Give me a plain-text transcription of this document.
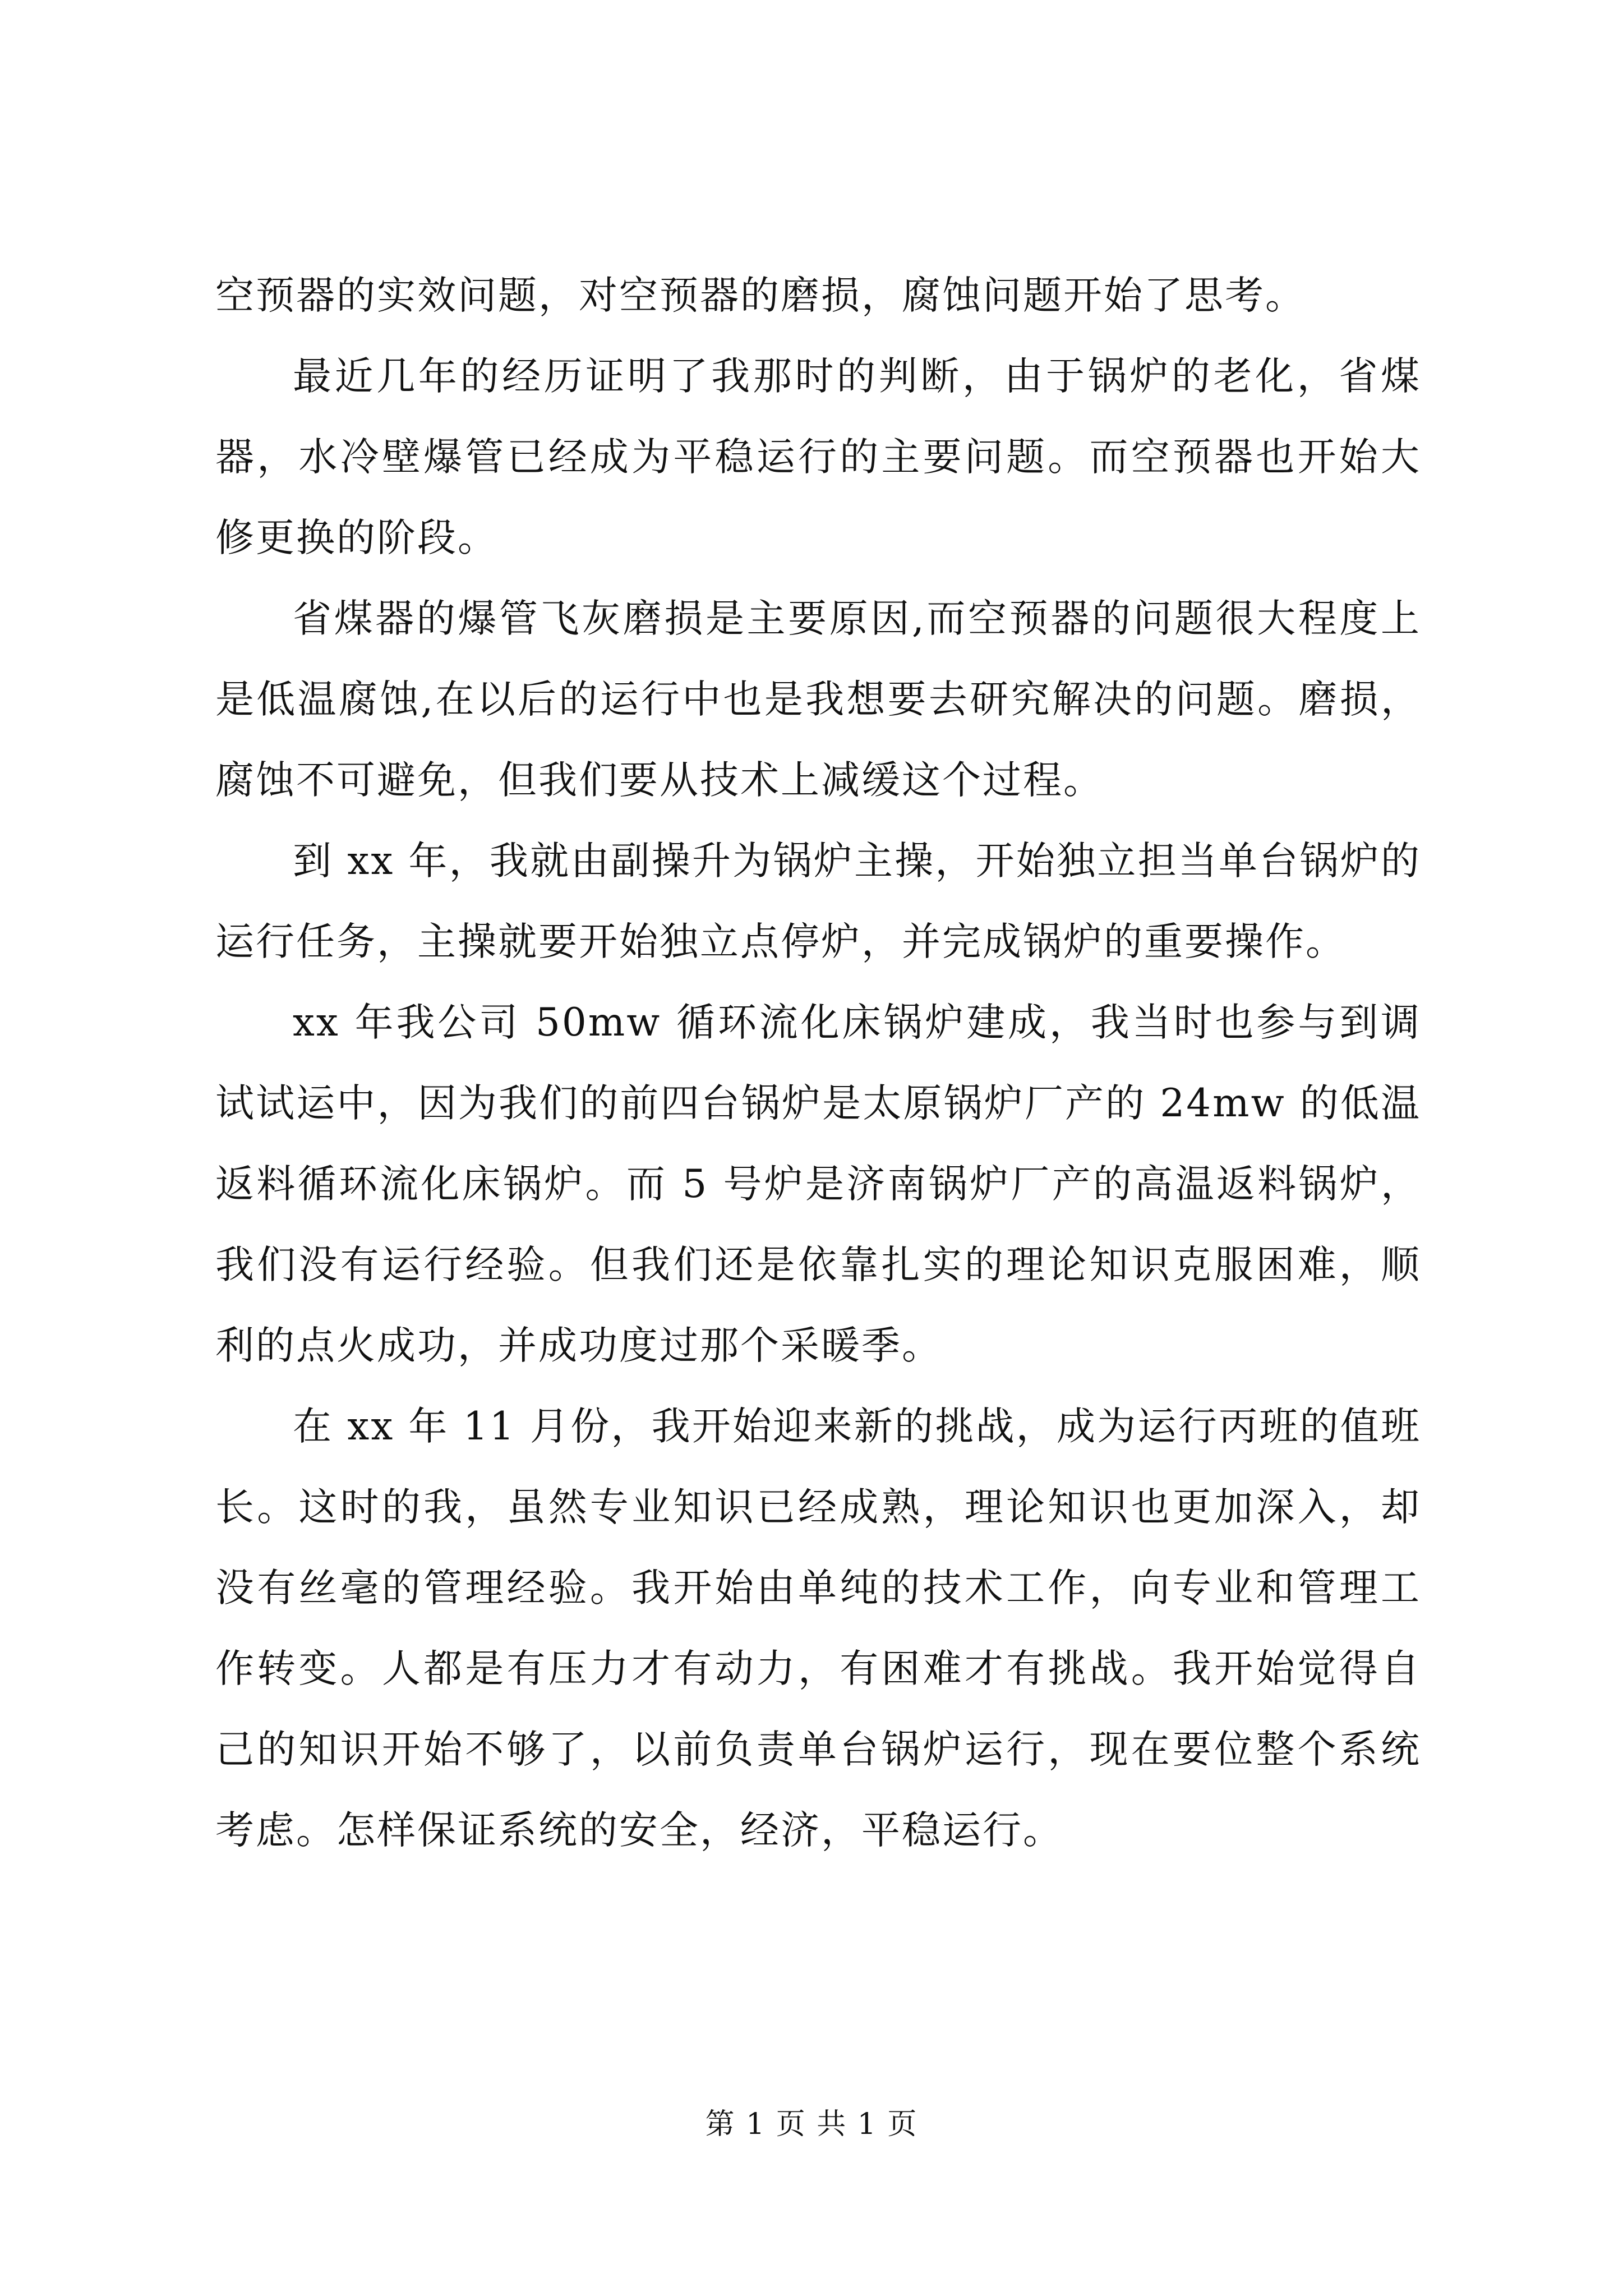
空预器的实效问题，对空预器的磨损，腐蚀问题开始了思考。

最近几年的经历证明了我那时的判断，由于锅炉的老化，省煤器，水冷壁爆管已经成为平稳运行的主要问题。而空预器也开始大修更换的阶段。

省煤器的爆管飞灰磨损是主要原因,而空预器的问题很大程度上是低温腐蚀,在以后的运行中也是我想要去研究解决的问题。磨损，腐蚀不可避免，但我们要从技术上减缓这个过程。

到 xx 年，我就由副操升为锅炉主操，开始独立担当单台锅炉的运行任务，主操就要开始独立点停炉，并完成锅炉的重要操作。

xx 年我公司 50mw 循环流化床锅炉建成，我当时也参与到调试试运中，因为我们的前四台锅炉是太原锅炉厂产的 24mw 的低温返料循环流化床锅炉。而 5 号炉是济南锅炉厂产的高温返料锅炉，我们没有运行经验。但我们还是依靠扎实的理论知识克服困难，顺利的点火成功，并成功度过那个采暖季。

在 xx 年 11 月份，我开始迎来新的挑战，成为运行丙班的值班长。这时的我，虽然专业知识已经成熟，理论知识也更加深入，却没有丝毫的管理经验。我开始由单纯的技术工作，向专业和管理工作转变。人都是有压力才有动力，有困难才有挑战。我开始觉得自己的知识开始不够了，以前负责单台锅炉运行，现在要位整个系统考虑。怎样保证系统的安全，经济，平稳运行。

第 1 页 共 1 页
